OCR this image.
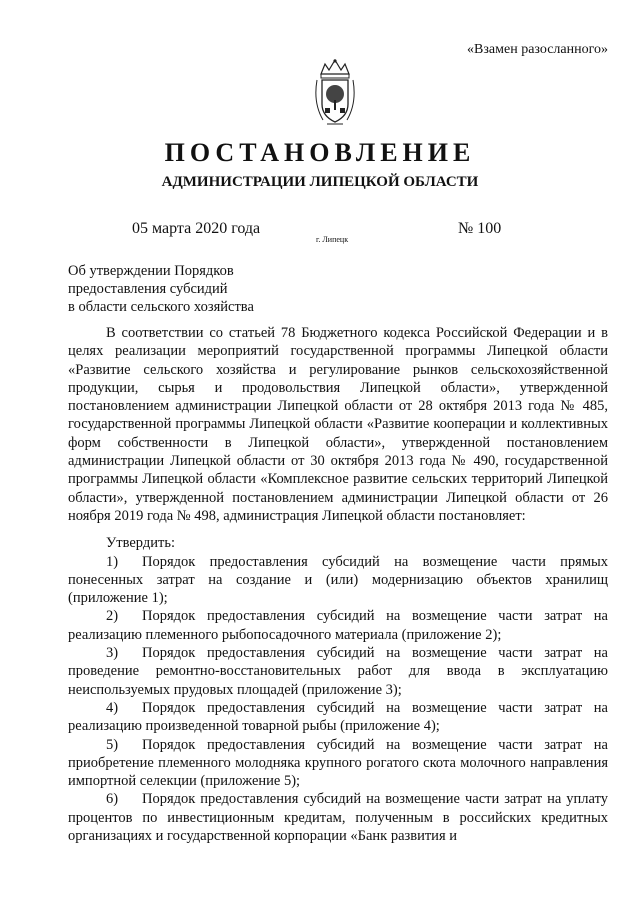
«Взамен разосланного»
ПОСТАНОВЛЕНИЕ
АДМИНИСТРАЦИИ ЛИПЕЦКОЙ ОБЛАСТИ
05 марта 2020 года
г. Липецк
№ 100
Об утверждении Порядков
предоставления субсидий
в области сельского хозяйства

В соответствии со статьей 78 Бюджетного кодекса Российской Федерации и в целях реализации мероприятий государственной программы Липецкой области «Развитие сельского хозяйства и регулирование рынков сельскохозяйственной продукции, сырья и продовольствия Липецкой области», утвержденной постановлением администрации Липецкой области от 28 октября 2013 года № 485, государственной программы Липецкой области «Развитие кооперации и коллективных форм собственности в Липецкой области», утвержденной постановлением администрации Липецкой области от 30 октября 2013 года № 490, государственной программы Липецкой области «Комплексное развитие сельских территорий Липецкой области», утвержденной постановлением администрации Липецкой области от 26 ноября 2019 года № 498, администрация Липецкой области постановляет:

Утвердить:

1) Порядок предоставления субсидий на возмещение части прямых понесенных затрат на создание и (или) модернизацию объектов хранилищ (приложение 1);

2) Порядок предоставления субсидий на возмещение части затрат на реализацию племенного рыбопосадочного материала (приложение 2);

3) Порядок предоставления субсидий на возмещение части затрат на проведение ремонтно-восстановительных работ для ввода в эксплуатацию неиспользуемых прудовых площадей (приложение 3);

4) Порядок предоставления субсидий на возмещение части затрат на реализацию произведенной товарной рыбы (приложение 4);

5) Порядок предоставления субсидий на возмещение части затрат на приобретение племенного молодняка крупного рогатого скота молочного направления импортной селекции (приложение 5);

6) Порядок предоставления субсидий на возмещение части затрат на уплату процентов по инвестиционным кредитам, полученным в российских кредитных организациях и государственной корпорации «Банк развития и
